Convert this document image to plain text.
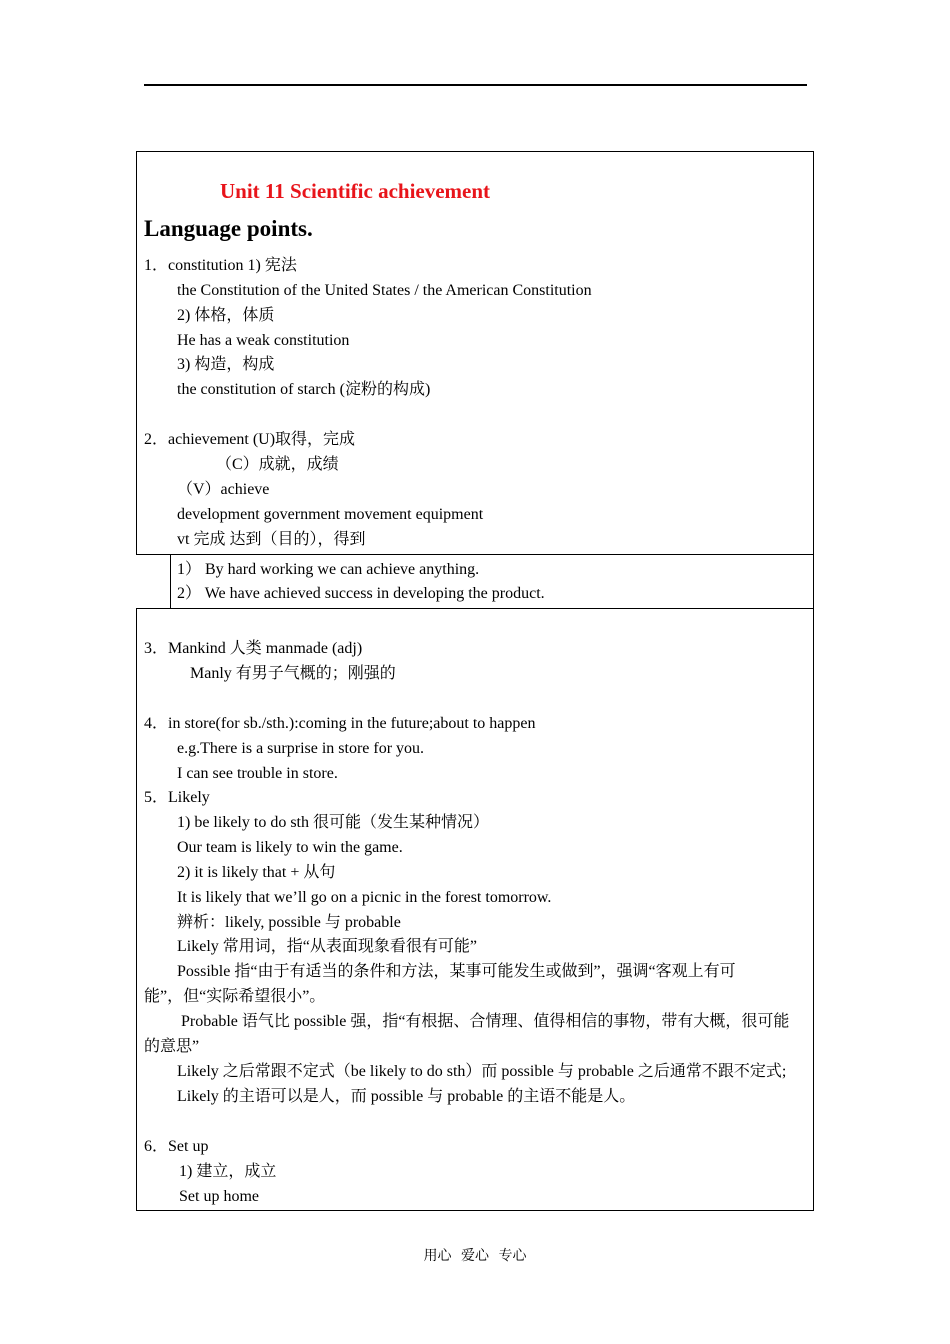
Unit 11 Scientific achievement
Language points.
1．constitution 1) 宪法
the Constitution of the United States / the American Constitution
2) 体格，体质
He has a weak constitution
3) 构造，构成
the constitution of starch (淀粉的构成)
2．achievement (U)取得，完成
（C）成就，成绩
（V）achieve
development government movement equipment
vt 完成 达到（目的），得到
1） By hard working we can achieve anything.
2） We have achieved success in developing the product.
3．Mankind 人类 manmade (adj)
Manly 有男子气概的；刚强的
4．in store(for sb./sth.):coming in the future;about to happen
e.g.There is a surprise in store for you.
I can see trouble in store.
5．Likely
1) be likely to do sth 很可能（发生某种情况）
Our team is likely to win the game.
2) it is likely that + 从句
It is likely that we’ll go on a picnic in the forest tomorrow.
辨析：likely, possible 与 probable
Likely 常用词，指“从表面现象看很有可能”
Possible 指“由于有适当的条件和方法，某事可能发生或做到”，强调“客观上有可
能”，但“实际希望很小”。
Probable 语气比 possible 强，指“有根据、合情理、值得相信的事物，带有大概，很可能
的意思”
Likely 之后常跟不定式（be likely to do sth）而 possible 与 probable 之后通常不跟不定式;
Likely 的主语可以是人，而 possible 与 probable 的主语不能是人。
6．Set up
1) 建立，成立
Set up home
用心 爱心 专心
